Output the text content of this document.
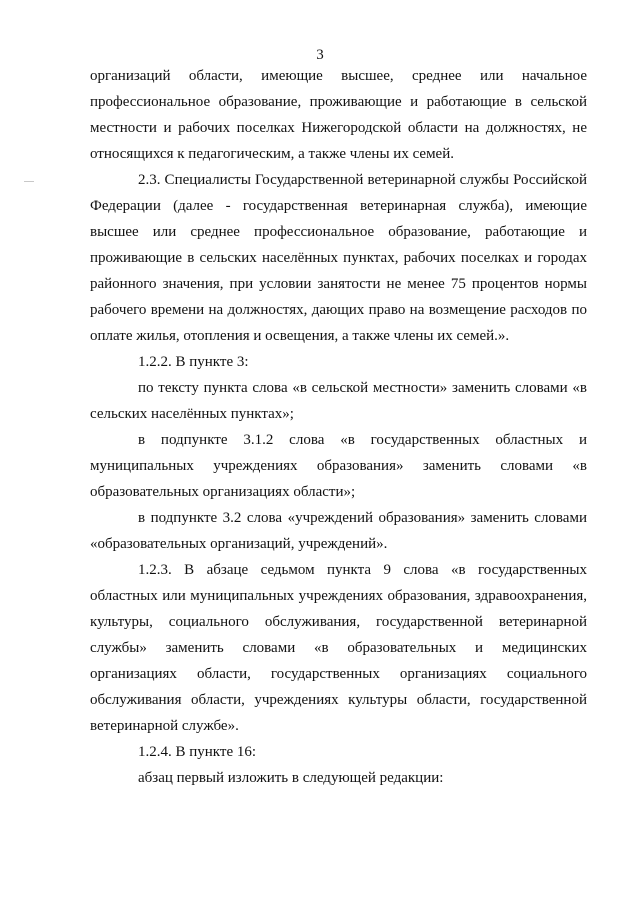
3

организаций области, имеющие высшее, среднее или начальное профессиональное образование, проживающие и работающие в сельской местности и рабочих поселках Нижегородской области на должностях, не относящихся к педагогическим, а также члены их семей.

2.3. Специалисты Государственной ветеринарной службы Российской Федерации (далее - государственная ветеринарная служба), имеющие высшее или среднее профессиональное образование, работающие и проживающие в сельских населённых пунктах, рабочих поселках и городах районного значения, при условии занятости не менее 75 процентов нормы рабочего времени на должностях, дающих право на возмещение расходов по оплате жилья, отопления и освещения, а также члены их семей.».

1.2.2. В пункте 3:

по тексту пункта слова «в сельской местности» заменить словами «в сельских населённых пунктах»;

в подпункте 3.1.2 слова «в государственных областных и муниципальных учреждениях образования» заменить словами «в образовательных организациях области»;

в подпункте 3.2 слова «учреждений образования» заменить словами «образовательных организаций, учреждений».

1.2.3. В абзаце седьмом пункта 9 слова «в государственных областных или муниципальных учреждениях образования, здравоохранения, культуры, социального обслуживания, государственной ветеринарной службы» заменить словами «в образовательных и медицинских организациях области, государственных организациях социального обслуживания области, учреждениях культуры области, государственной ветеринарной службе».

1.2.4. В пункте 16:

абзац первый изложить в следующей редакции:
